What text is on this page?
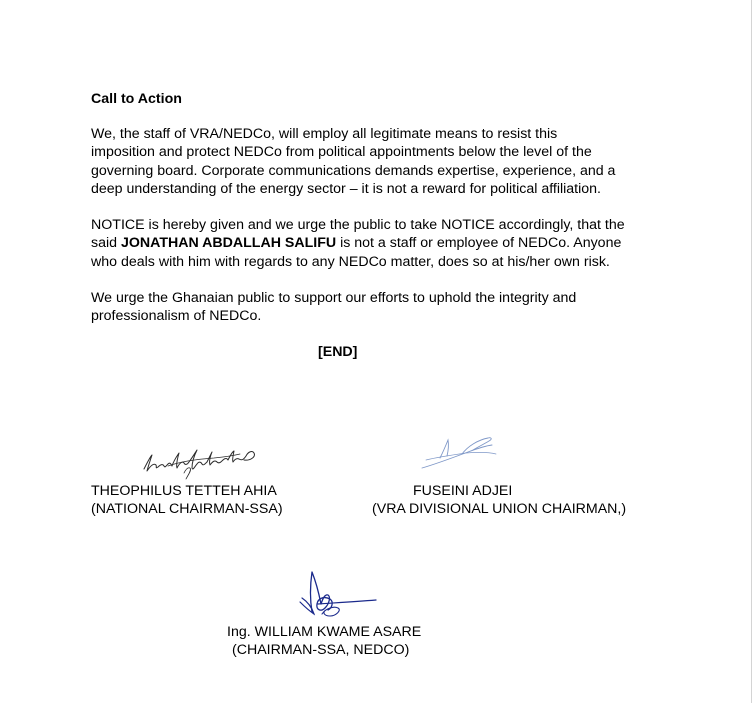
Call to Action

We, the staff of VRA/NEDCo, will employ all legitimate means to resist this
imposition and protect NEDCo from political appointments below the level of the
governing board. Corporate communications demands expertise, experience, and a
deep understanding of the energy sector – it is not a reward for political affiliation.

NOTICE is hereby given and we urge the public to take NOTICE accordingly, that the
said JONATHAN ABDALLAH SALIFU is not a staff or employee of NEDCo. Anyone
who deals with him with regards to any NEDCo matter, does so at his/her own risk.

We urge the Ghanaian public to support our efforts to uphold the integrity and
professionalism of NEDCo.

[END]
THEOPHILUS TETTEH AHIA
(NATIONAL CHAIRMAN-SSA)
FUSEINI ADJEI
(VRA DIVISIONAL UNION CHAIRMAN,)
Ing. WILLIAM KWAME ASARE
(CHAIRMAN-SSA, NEDCO)
